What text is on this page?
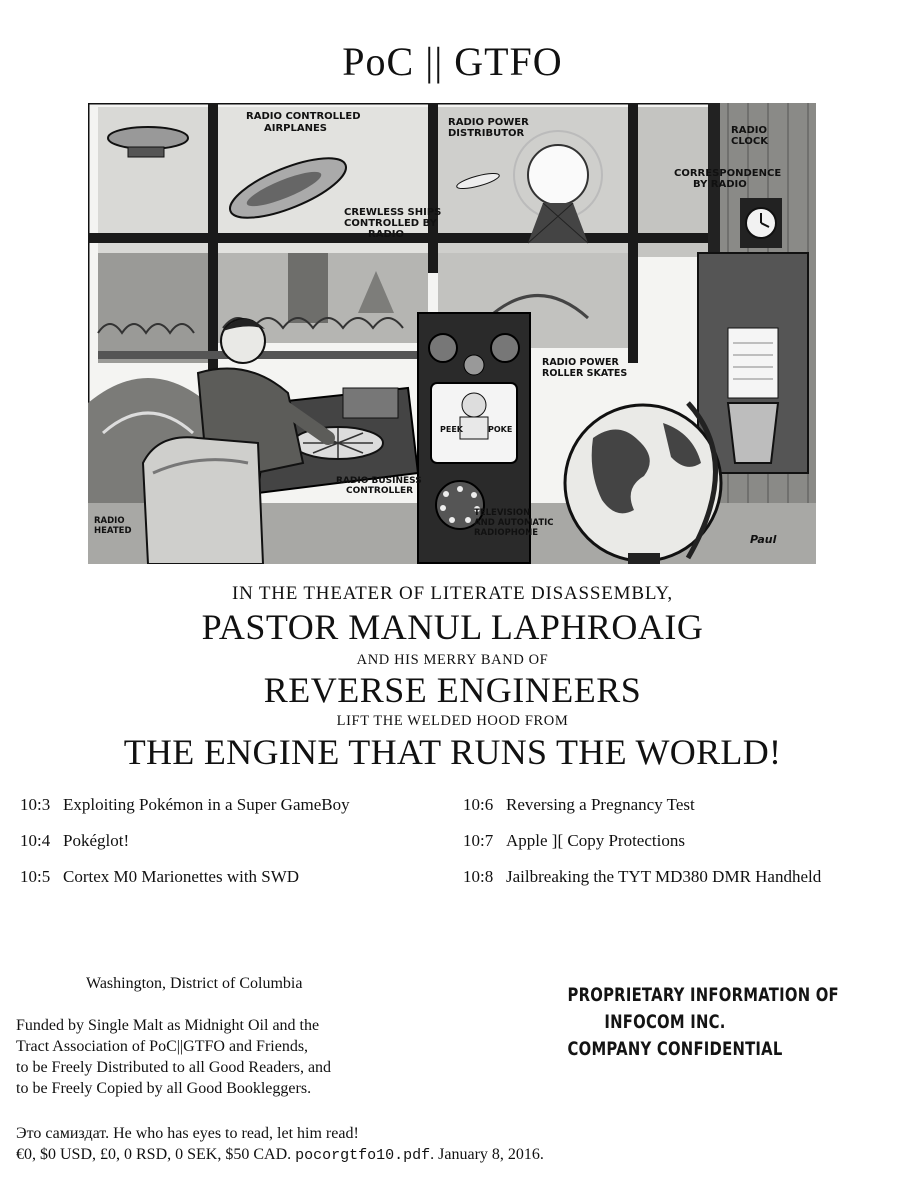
PoC || GTFO
RADIO CONTROLLED
AIRPLANES
RADIO POWER
DISTRIBUTOR	RADIO
CLOCK
CORRESPONDENCE
BY RADIO
CREWLESS SHIPS
CONTROLLED BY
RADIO
RADIO POWER
ROLLER SKATES
PEEK	POKE
RADIO BUSINESS
CONTROLLER
TELEVISION
AND AUTOMATIC
RADIOPHONE
RADIO
HEATED
Paul
IN THE THEATER OF LITERATE DISASSEMBLY,
PASTOR MANUL LAPHROAIG
AND HIS MERRY BAND OF
REVERSE ENGINEERS
LIFT THE WELDED HOOD FROM
THE ENGINE THAT RUNS THE WORLD!
10:3 Exploiting Pokémon in a Super GameBoy
10:4 Pokéglot!
10:5 Cortex M0 Marionettes with SWD
10:6 Reversing a Pregnancy Test
10:7 Apple ][ Copy Protections
10:8 Jailbreaking the TYT MD380 DMR Handheld
Washington, District of Columbia
Funded by Single Malt as Midnight Oil and the
Tract Association of PoC||GTFO and Friends,
to be Freely Distributed to all Good Readers, and
to be Freely Copied by all Good Bookleggers.
Это самиздат. He who has eyes to read, let him read!
€0, $0 USD, £0, 0 RSD, 0 SEK, $50 CAD. pocorgtfo10.pdf. January 8, 2016.
PROPRIETARY INFORMATION OF
INFOCOM INC.
COMPANY CONFIDENTIAL
